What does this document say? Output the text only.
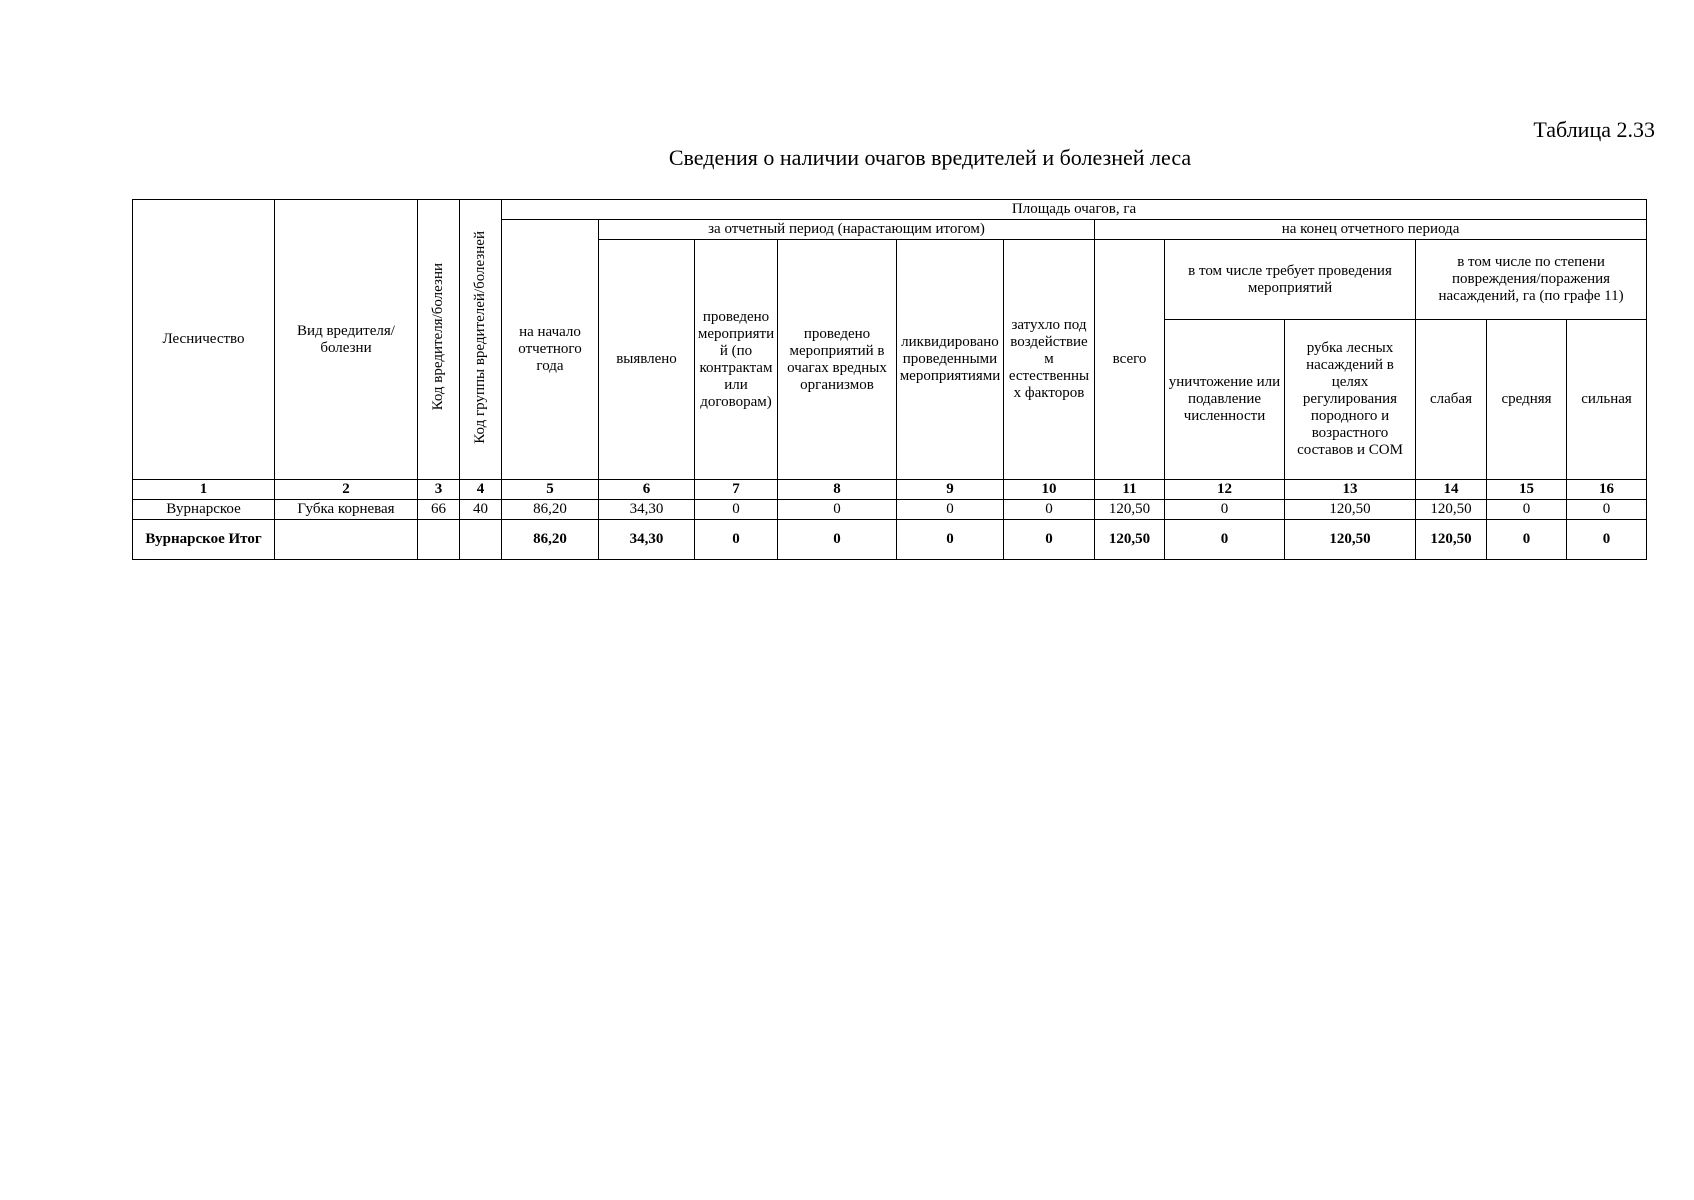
Таблица 2.33
Сведения о наличии очагов вредителей и болезней леса
Лесничество	Вид вредителя/болезни	Код вредителя/болезни	Код группы вредителей/болезней	Площадь очагов, га											
				на начало отчетного года	за отчетный период (нарастающим итогом)					на конец отчетного периода					
					выявлено	проведено мероприятий (по контрактам или договорам)	проведено мероприятий в очагах вредных организмов	ликвидировано проведенными мероприятиями	затухло под воздействием естественных факторов	всего	в том числе требует проведения мероприятий		в том числе по степени повреждения/поражения насаждений, га (по графе 11)		
											уничтожение или подавление численности	рубка лесных насаждений в целях регулирования породного и возрастного составов и СОМ	слабая	средняя	сильная
1	2	3	4	5	6	7	8	9	10	11	12	13	14	15	16
Вурнарское	Губка корневая	66	40	86,20	34,30	0	0	0	0	120,50	0	120,50	120,50	0	0
Вурнарское Итог				86,20	34,30	0	0	0	0	120,50	0	120,50	120,50	0	0
